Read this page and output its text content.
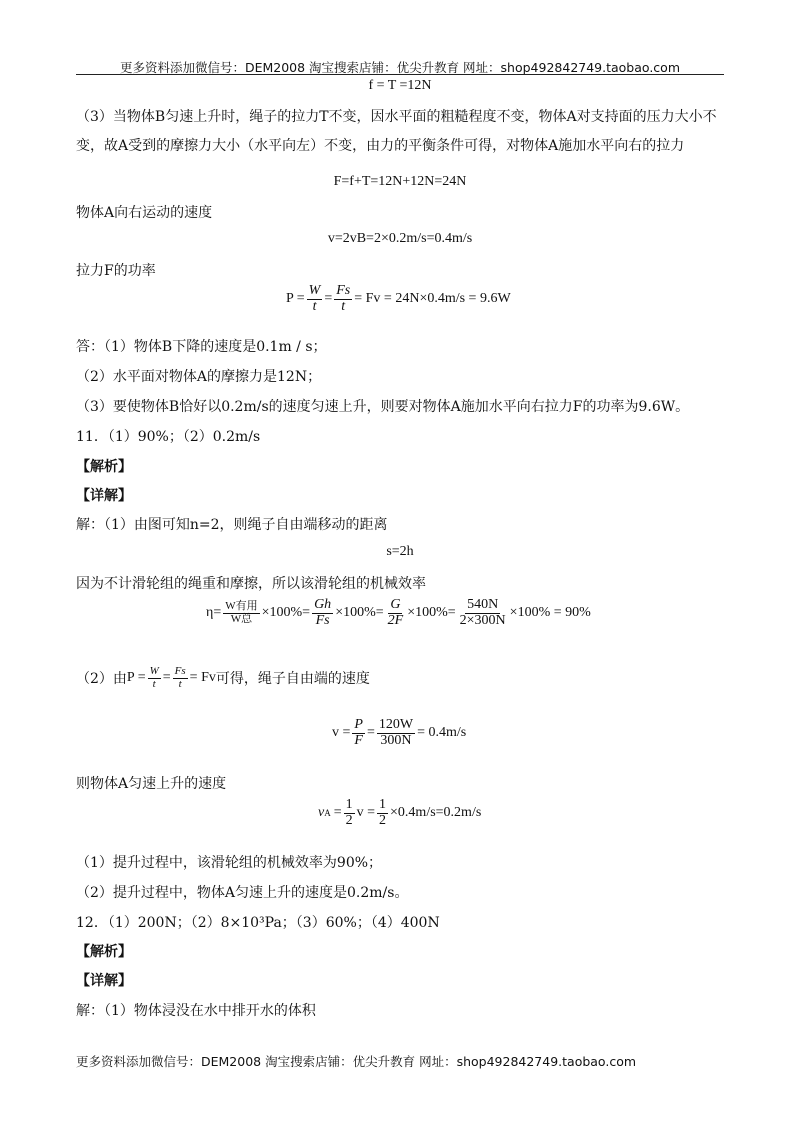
更多资料添加微信号：DEM2008 淘宝搜索店铺：优尖升教育 网址：shop492842749.taobao.com
f = T =12N
（3）当物体B匀速上升时，绳子的拉力T不变，因水平面的粗糙程度不变，物体A对支持面的压力大小不变，故A受到的摩擦力大小（水平向左）不变，由力的平衡条件可得，对物体A施加水平向右的拉力
F=f+T=12N+12N=24N
物体A向右运动的速度
v=2vB=2×0.2m/s=0.4m/s
拉力F的功率
$P = \frac{W}{t} = \frac{Fs}{t} = Fv = 24N\times 0.4m/s = 9.6W$
答：（1）物体B下降的速度是0.1m / s；
（2）水平面对物体A的摩擦力是12N；
（3）要使物体B恰好以0.2m/s的速度匀速上升，则要对物体A施加水平向右拉力F的功率为9.6W。
11．（1）90%；（2）0.2m/s
【解析】
【详解】
解：（1）由图可知n=2，则绳子自由端移动的距离
s=2h
因为不计滑轮组的绳重和摩擦，所以该滑轮组的机械效率
$\eta= \frac{\text{W有用}}{\text{W总}} \times 100\%= \frac{Gh}{Fs} \times 100\%= \frac{G}{2F} \times 100\%= \frac{540N}{2\times 300N} \times 100\% = 90\%$
（2）由 $P = \frac{W}{t} = \frac{Fs}{t} = Fv$ 可得，绳子自由端的速度
$v = \frac{P}{F} = \frac{120W}{300N} = 0.4m/s$
则物体A匀速上升的速度
v $A = \frac{1}{2}$ $v = \frac{1}{2} \times 0.4m/s=0.2m/s$
（1）提升过程中，该滑轮组的机械效率为90%；
（2）提升过程中，物体A匀速上升的速度是0.2m/s。
12．（1）200N；（2）8×10³Pa；（3）60%；（4）400N
【解析】
【详解】
解：（1）物体浸没在水中排开水的体积
更多资料添加微信号：DEM2008 淘宝搜索店铺：优尖升教育 网址：shop492842749.taobao.com
